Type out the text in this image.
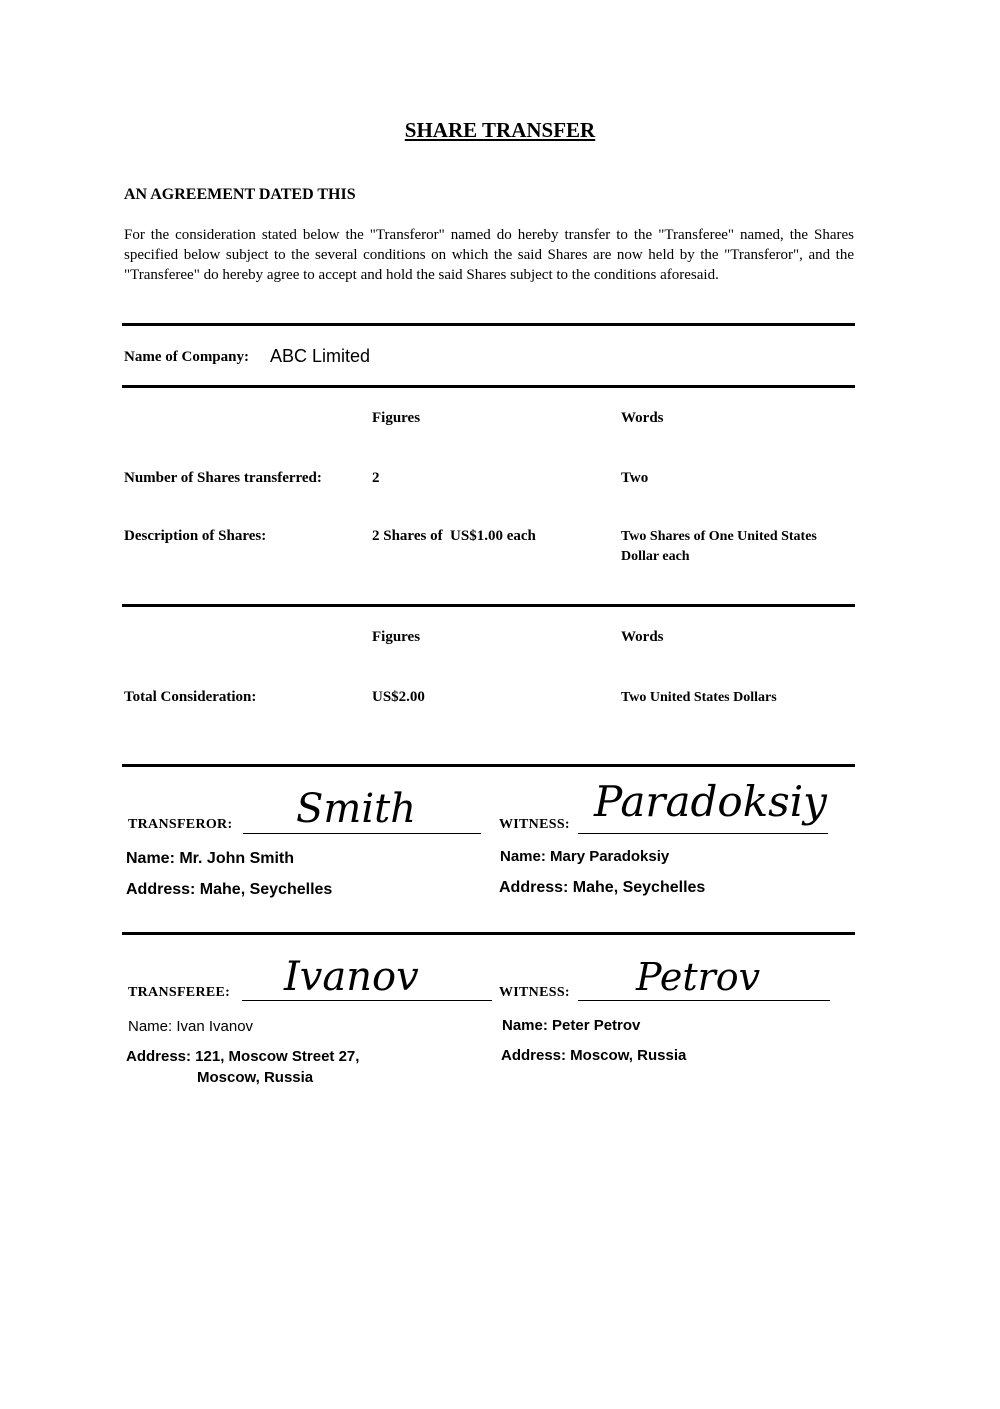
SHARE TRANSFER
AN AGREEMENT DATED THIS
For the consideration stated below the "Transferor" named do hereby transfer to the "Transferee" named, the Shares specified below subject to the several conditions on which the said Shares are now held by the "Transferor", and the "Transferee" do hereby agree to accept and hold the said Shares subject to the conditions aforesaid.
Name of Company: ABC Limited
Figures	Words
Number of Shares transferred:	2	Two
Description of Shares:	2 Shares of  US$1.00 each	Two Shares of One United States Dollar each
Figures	Words
Total Consideration:	US$2.00	Two United States Dollars
TRANSFEROR: Smith
Name: Mr. John Smith
Address: Mahe, Seychelles
WITNESS: Paradoksiy
Name: Mary Paradoksiy
Address: Mahe, Seychelles
TRANSFEREE: Ivanov
Name: Ivan Ivanov
Address: 121, Moscow Street 27,
Moscow, Russia
WITNESS: Petrov
Name: Peter Petrov
Address: Moscow, Russia
